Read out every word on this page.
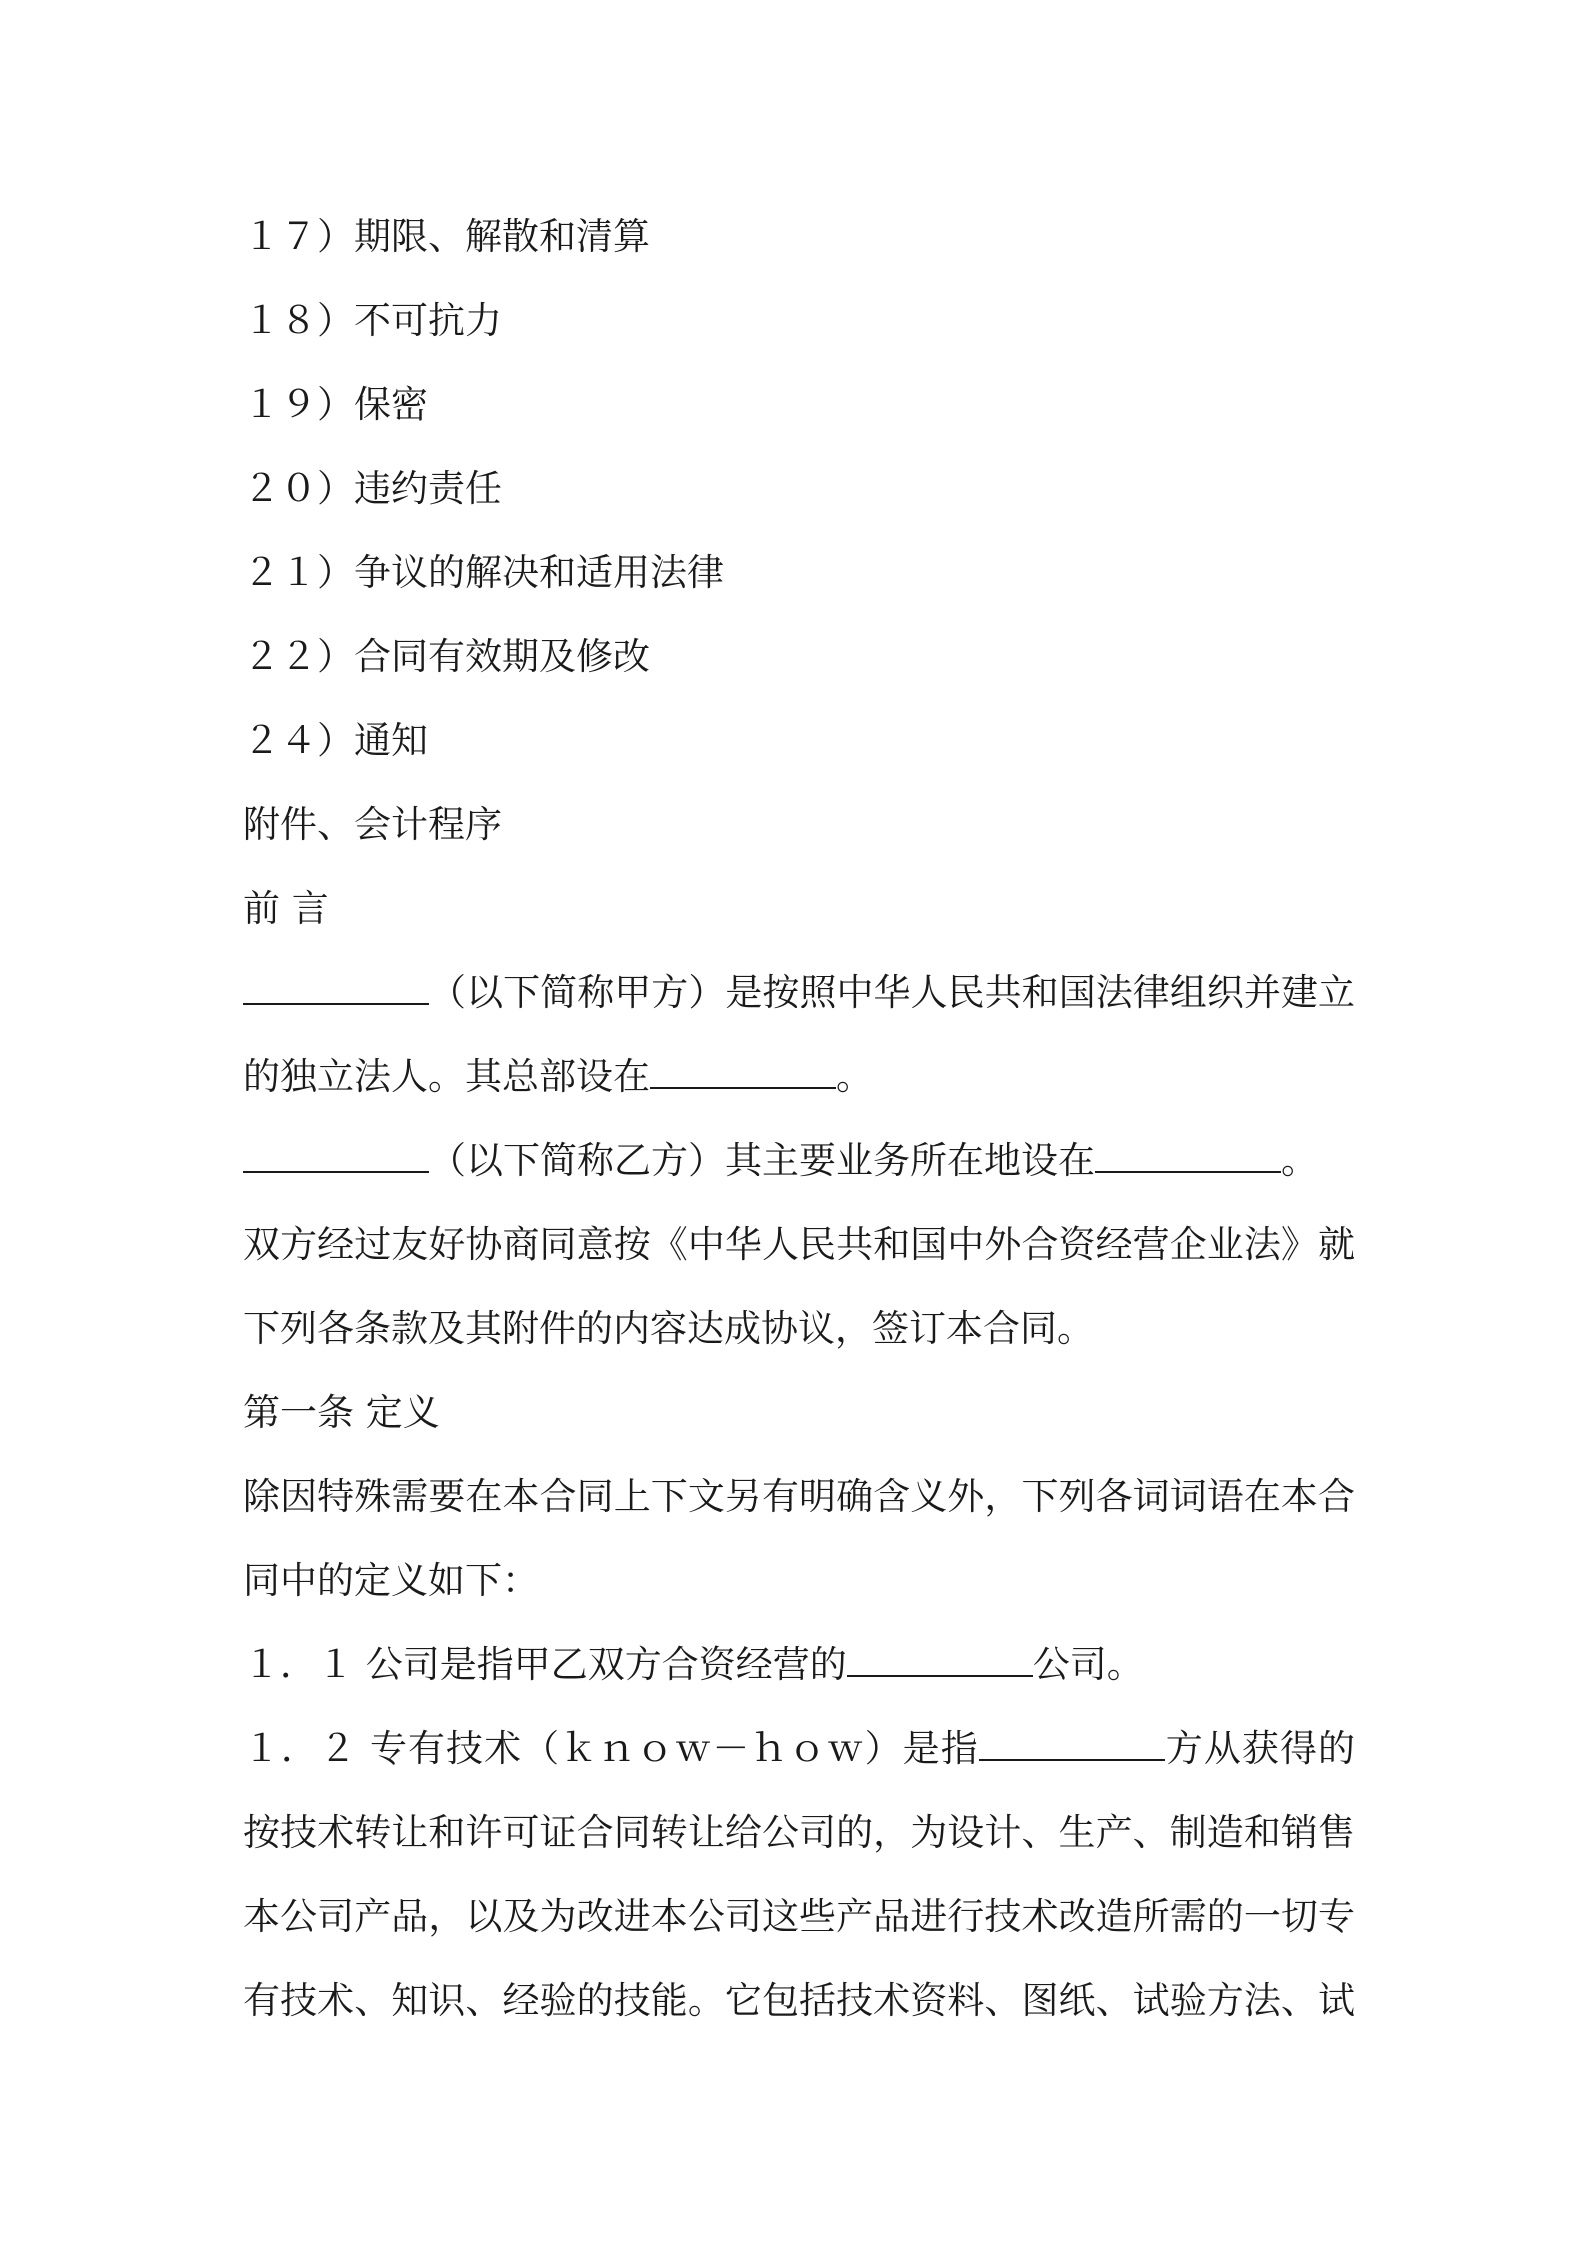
１７）期限、解散和清算
１８）不可抗力
１９）保密
２０）违约责任
２１）争议的解决和适用法律
２２）合同有效期及修改
２４）通知
附件、会计程序
前 言
（以下简称甲方）是按照中华人民共和国法律组织并建立
的独立法人。其总部设在	。
（以下简称乙方）其主要业务所在地设在	。
双方经过友好协商同意按《中华人民共和国中外合资经营企业法》就
下列各条款及其附件的内容达成协议，签订本合同。
第一条 定义
除因特殊需要在本合同上下文另有明确含义外，下列各词词语在本合
同中的定义如下：
１．１ 公司是指甲乙双方合资经营的	公司。
１．２ 专有技术（ｋｎｏｗ－ｈｏｗ）是指	方从获得的
按技术转让和许可证合同转让给公司的，为设计、生产、制造和销售
本公司产品，以及为改进本公司这些产品进行技术改造所需的一切专
有技术、知识、经验的技能。它包括技术资料、图纸、试验方法、试
